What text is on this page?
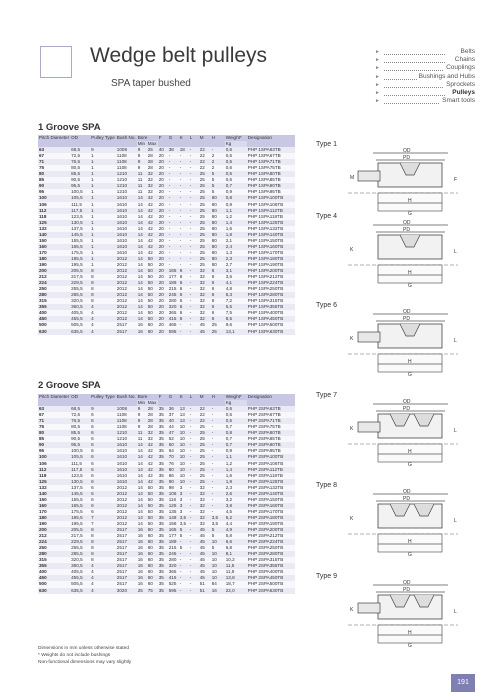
Wedge belt pulleys
SPA taper bushed
►	Belts
►	Chains
►	Couplings
►	Bushings and Hubs
►	Sprockets
►	Pulleys
►	Smart tools
1 Groove SPA
Pitch Diameter	OD	Pulley Type	Bush No.	Bore		F	G	K	L	M	H	Weight*	Designation
				Min	Max							Kg	
63	68,5	9	1008	9	25	40	38	18	-	22	-	0,6	PHP 1SPA63TB
67	72,5	1	1108	9	28	20	-	-	-	22	2	0,5	PHP 1SPA67TB
71	76,5	1	1108	9	28	20	-	-	-	22	2	0,5	PHP 1SPA71TB
75	80,5	1	1108	9	28	20	-	-	-	22	2	0,6	PHP 1SPA75TB
80	85,5	1	1210	11	32	20	-	-	-	25	5	0,5	PHP 1SPA80TB
85	90,5	1	1210	11	32	20	-	-	-	25	5	0,6	PHP 1SPA85TB
90	95,5	1	1210	11	32	20	-	-	-	25	5	0,7	PHP 1SPA90TB
95	100,5	1	1210	11	32	20	-	-	-	25	5	0,9	PHP 1SPA95TB
100	105,5	1	1610	14	42	20	-	-	-	25	80	0,8	PHP 1SPA100TB
106	111,5	1	1610	14	42	20	-	-	-	25	80	0,9	PHP 1SPA106TB
112	117,5	1	1610	14	42	20	-	-	-	25	80	1,1	PHP 1SPA112TB
118	123,5	1	1610	14	42	20	-	-	-	25	80	1,2	PHP 1SPA118TB
125	130,5	1	1610	14	42	20	-	-	-	25	80	1,4	PHP 1SPA125TB
132	137,5	1	1610	14	42	20	-	-	-	25	80	1,6	PHP 1SPA132TB
140	145,5	1	1610	14	42	20	-	-	-	25	80	1,8	PHP 1SPA140TB
150	155,5	1	1610	14	42	20	-	-	-	25	80	2,1	PHP 1SPA150TB
160	165,5	1	1610	14	42	20	-	-	-	25	80	2,4	PHP 1SPA160TB
170	175,5	1	1610	14	42	20	-	-	-	25	80	1,3	PHP 1SPA170TB
180	185,5	1	2012	14	50	20	-	-	-	25	80	2,3	PHP 1SPA180TB
190	195,5	1	2012	14	50	20	-	-	-	25	80	2,7	PHP 1SPA190TB
200	205,5	8	2012	14	50	20	165	6	-	32	6	3,1	PHP 1SPA200TB
212	217,5	8	2012	14	50	20	177	6	-	32	6	3,5	PHP 1SPA212TB
224	229,5	8	2012	14	50	20	189	6	-	32	6	4,1	PHP 1SPA224TB
250	255,5	8	2012	14	50	20	215	6	-	32	6	4,8	PHP 1SPA250TB
280	285,5	8	2012	14	50	20	245	6	-	32	6	6,3	PHP 1SPA280TB
315	320,5	8	2012	14	50	20	280	6	-	32	6	7,2	PHP 1SPA315TB
355	360,5	4	2012	14	50	20	320	6	-	32	6	5,5	PHP 1SPA355TB
400	405,5	4	2012	14	50	20	365	6	-	32	6	7,5	PHP 1SPA400TB
450	455,5	4	2012	14	50	20	415	6	-	32	6	8,5	PHP 1SPA450TB
500	505,5	4	2517	16	60	20	465	-	-	45	25	9,6	PHP 1SPA500TB
630	635,5	4	2517	16	60	20	595	-	-	45	25	13,1	PHP 1SPA630TB
2 Groove SPA
Pitch Diameter	OD	Pulley Type	Bush No.	Bore		F	G	K	L	M	H	Weight*	Designation
				Min	Max							Kg	
63	68,5	9	1008	9	28	35	36	13	-	22	-	0,6	PHP 2SPA63TB
67	72,5	6	1108	9	28	35	37	13	-	22	-	0,5	PHP 2SPA67TB
71	76,5	6	1108	9	28	35	40	13	-	22	-	0,5	PHP 2SPA71TB
75	80,5	6	1108	9	28	35	44	10	-	25	-	0,7	PHP 2SPA75TB
80	85,5	6	1210	11	32	35	47	10	-	25	-	0,8	PHP 2SPA80TB
85	90,5	6	1210	11	32	35	52	10	-	25	-	0,7	PHP 2SPA85TB
90	95,5	6	1610	14	42	35	60	10	-	25	-	0,7	PHP 2SPA90TB
95	100,5	6	1610	14	42	35	64	10	-	25	-	0,9	PHP 2SPA95TB
100	105,5	6	1610	14	42	35	70	10	-	25	-	1,1	PHP 2SPA100TB
106	111,5	6	1610	14	42	35	76	10	-	25	-	1,2	PHP 2SPA106TB
112	117,5	6	1610	14	42	35	80	10	-	25	-	1,4	PHP 2SPA112TB
118	123,5	6	1610	14	42	35	86	10	-	25	-	1,6	PHP 2SPA118TB
125	130,5	6	1610	14	42	35	90	10	-	25	-	1,9	PHP 2SPA125TB
132	137,5	6	2012	14	50	35	98	3	-	32	-	2,3	PHP 2SPA132TB
140	145,5	6	2012	14	50	35	106	3	-	32	-	2,6	PHP 2SPA140TB
150	155,5	6	2012	14	50	35	116	3	-	32	-	3,2	PHP 2SPA150TB
160	165,5	6	2012	14	50	35	125	3	-	32	-	3,8	PHP 2SPA160TB
170	175,5	6	2012	14	50	35	135	3	-	32	-	4,5	PHP 2SPA170TB
180	185,5	7	2012	14	50	35	148	3,5	-	32	3,5	5,2	PHP 2SPA180TB
190	195,5	7	2012	14	50	35	158	3,5	-	32	3,5	4,4	PHP 2SPA190TB
200	205,5	8	2517	16	60	35	165	5	-	45	5	4,9	PHP 2SPA200TB
212	217,5	8	2517	16	60	35	177	5	-	45	5	5,8	PHP 2SPA212TB
224	229,5	8	2517	16	60	35	189	-	-	45	10	6,6	PHP 2SPA224TB
250	255,5	8	2517	16	60	35	215	5	-	45	5	6,8	PHP 2SPA250TB
280	285,5	8	2517	16	60	35	245	-	-	45	10	8,1	PHP 2SPA280TB
315	320,5	8	2517	16	60	35	280	-	-	45	10	10,2	PHP 2SPA315TB
355	360,5	4	2517	16	60	35	320	-	-	45	10	11,5	PHP 2SPA355TB
400	405,5	4	2517	16	60	35	365	-	-	45	10	11,9	PHP 2SPA400TB
450	455,5	4	2517	16	60	35	415	-	-	45	10	13,8	PHP 2SPA450TB
500	505,5	4	2517	16	60	35	525	-	-	51	84	18,7	PHP 2SPA500TB
630	635,5	4	3020	25	75	35	595	-	-	51	16	22,0	PHP 2SPA630TB
Type 1
OD
PD
H
G
M	F
Type 4
OD
PD
H
G
K	L
Type 6
OD
PD
H
G
K	L
Type 7
OD
PD
H
G
K	L
Type 8
OD
PD
H
G
K	L
Type 9
OD
PD
H
G
K	L
Dimensions in mm unless otherwise stated
* Weights do not include bushings
Non-functional dimensions may vary slightly
191
